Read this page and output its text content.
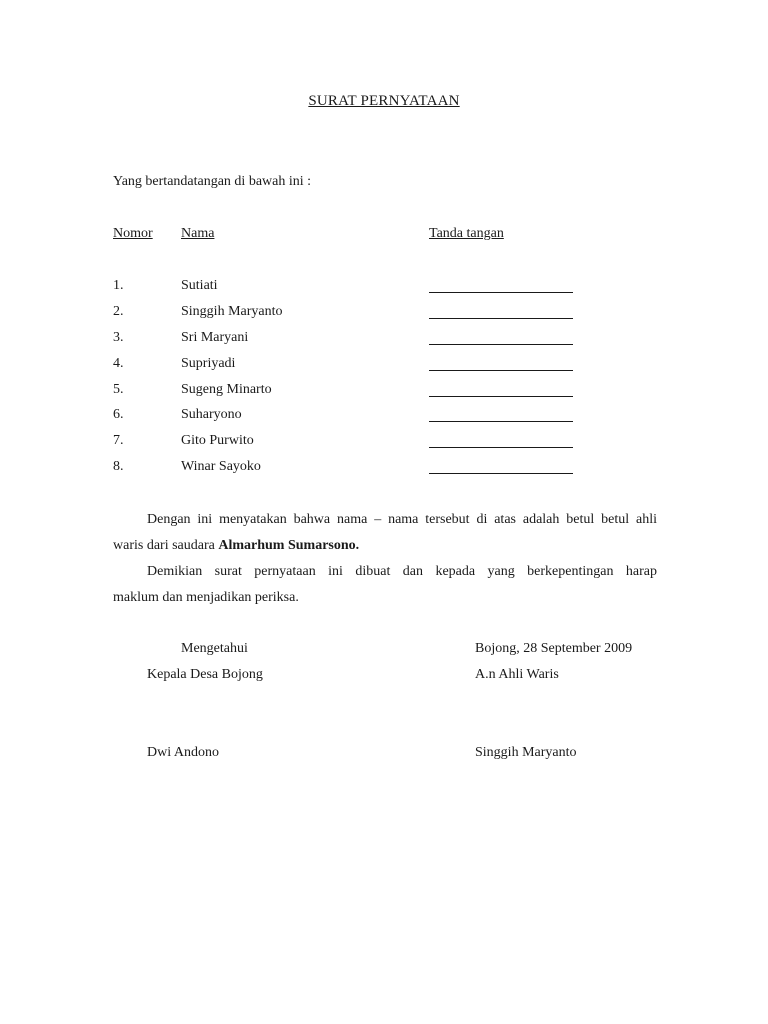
SURAT PERNYATAAN
Yang bertandatangan di bawah ini :
Nomor Nama	Tanda tangan
1.	Sutiati
2.	Singgih Maryanto
3.	Sri Maryani
4.	Supriyadi
5.	Sugeng Minarto
6.	Suharyono
7.	Gito Purwito
8.	Winar Sayoko
Dengan ini menyatakan bahwa nama – nama tersebut di atas adalah betul betul ahli
waris dari saudara Almarhum Sumarsono.
Demikian surat pernyataan ini dibuat dan kepada yang berkepentingan harap
maklum dan menjadikan periksa.
Mengetahui
Kepala Desa Bojong
Dwi Andono
Bojong, 28 September 2009
A.n Ahli Waris
Singgih Maryanto
